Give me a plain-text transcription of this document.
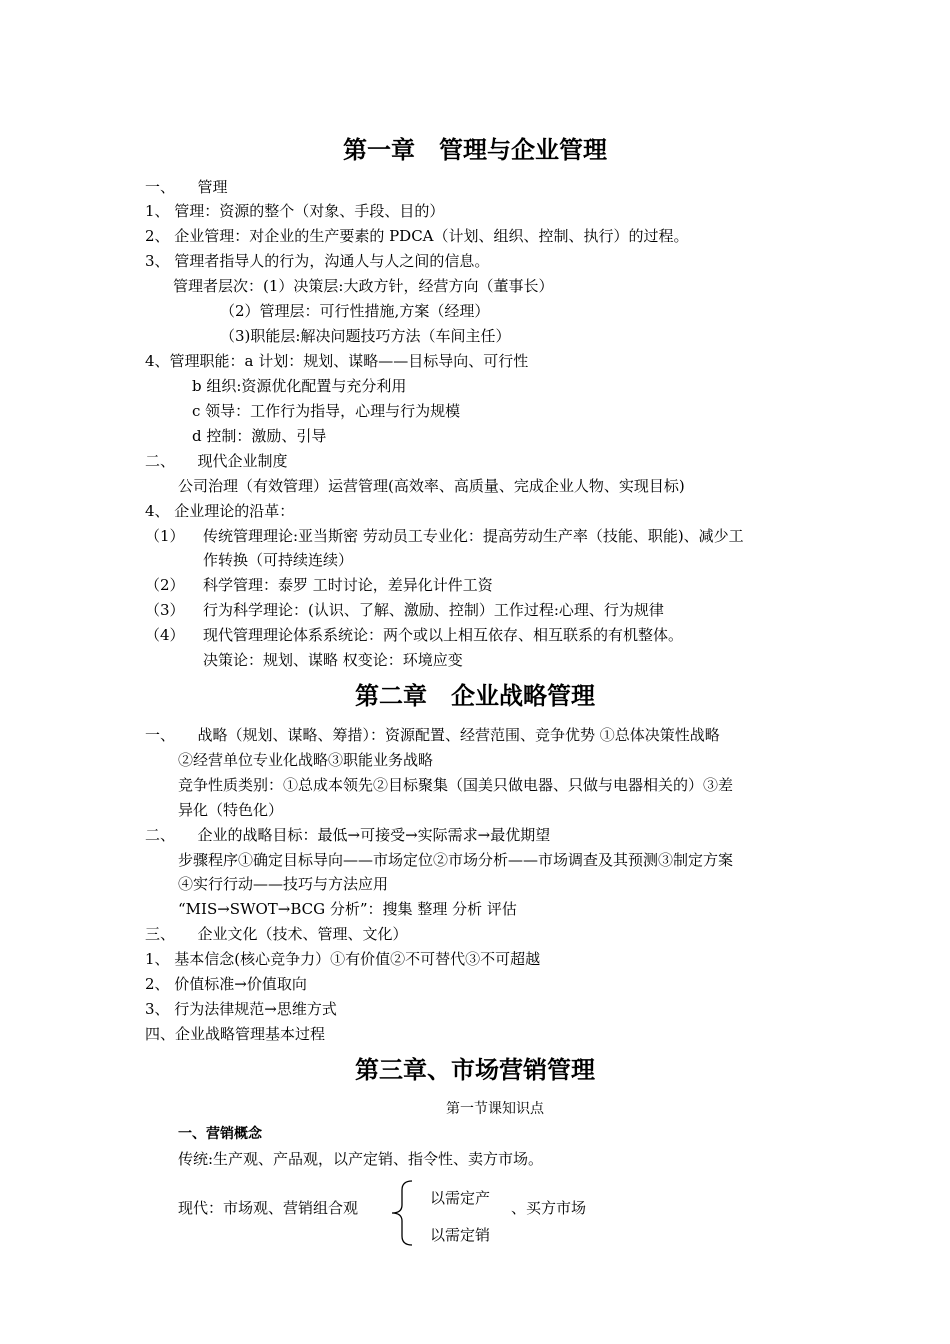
第一章　管理与企业管理
一、　　管理
1、 管理：资源的整个（对象、手段、目的）
2、 企业管理：对企业的生产要素的 PDCA（计划、组织、控制、执行）的过程。
3、 管理者指导人的行为，沟通人与人之间的信息。
管理者层次：(1）决策层:大政方针，经营方向（董事长）
（2）管理层：可行性措施,方案（经理）
（3)职能层:解决问题技巧方法（车间主任）
4、管理职能：a 计划：规划、谋略——目标导向、可行性
b 组织:资源优化配置与充分利用
c 领导：工作行为指导，心理与行为规模
d 控制：激励、引导
二、　　现代企业制度
公司治理（有效管理）运营管理(高效率、高质量、完成企业人物、实现目标)
4、 企业理论的沿革：
（1） 传统管理理论:亚当斯密 劳动员工专业化：提高劳动生产率（技能、职能)、减少工
作转换（可持续连续）
（2） 科学管理：泰罗 工时讨论，差异化计件工资
（3） 行为科学理论：(认识、了解、激励、控制）工作过程:心理、行为规律
（4） 现代管理理论体系系统论：两个或以上相互依存、相互联系的有机整体。
决策论：规划、谋略 权变论：环境应变
第二章　企业战略管理
一、　　战略（规划、谋略、筹措）：资源配置、经营范围、竞争优势 ①总体决策性战略
②经营单位专业化战略③职能业务战略
竞争性质类别：①总成本领先②目标聚集（国美只做电器、只做与电器相关的）③差
异化（特色化）
二、　　企业的战略目标：最低→可接受→实际需求→最优期望
步骤程序①确定目标导向——市场定位②市场分析——市场调查及其预测③制定方案
④实行行动——技巧与方法应用
“MIS→SWOT→BCG 分析”：搜集 整理 分析 评估
三、　　企业文化（技术、管理、文化）
1、 基本信念(核心竞争力）①有价值②不可替代③不可超越
2、 价值标准→价值取向
3、 行为法律规范→思维方式
四、企业战略管理基本过程
第三章、市场营销管理
第一节课知识点
一、营销概念
传统:生产观、产品观，以产定销、指令性、卖方市场。
现代：市场观、营销组合观
以需定产
以需定销
、买方市场
